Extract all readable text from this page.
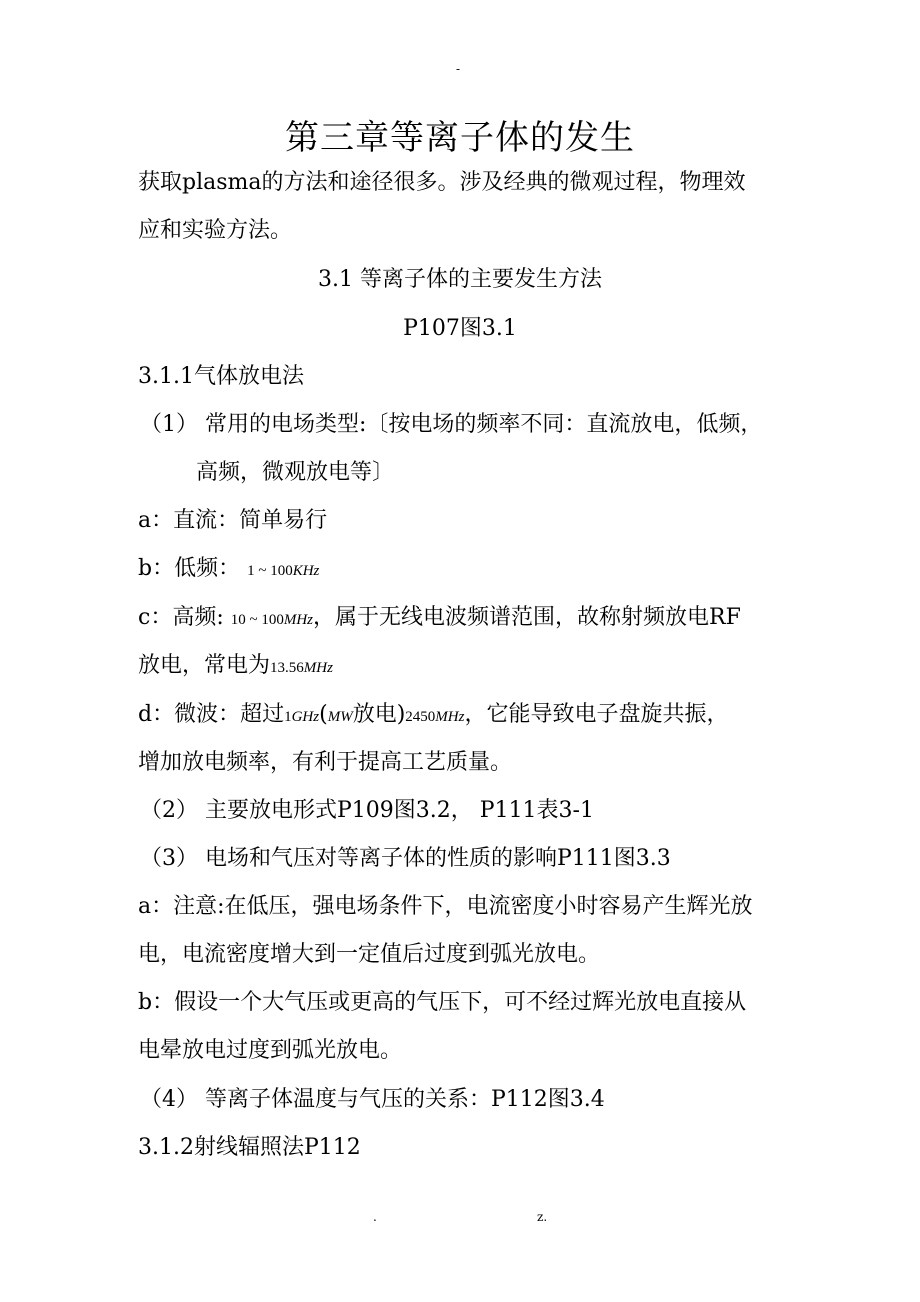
-
第三章等离子体的发生
获取plasma的方法和途径很多。涉及经典的微观过程，物理效
应和实验方法。
3.1 等离子体的主要发生方法
P107图3.1
3.1.1气体放电法
（1） 常用的电场类型:〔按电场的频率不同：直流放电，低频，
高频，微观放电等〕
a：直流：简单易行
b：低频： 1 ~ 100KHz
c：高频: 10 ~ 100MHz，属于无线电波频谱范围，故称射频放电RF
放电，常电为13.56MHz
d：微波：超过1GHz(MW放电)2450MHz，它能导致电子盘旋共振，
增加放电频率，有利于提高工艺质量。
（2） 主要放电形式P109图3.2， P111表3-1
（3） 电场和气压对等离子体的性质的影响P111图3.3
a：注意:在低压，强电场条件下，电流密度小时容易产生辉光放
电，电流密度增大到一定值后过度到弧光放电。
b：假设一个大气压或更高的气压下，可不经过辉光放电直接从
电晕放电过度到弧光放电。
（4） 等离子体温度与气压的关系：P112图3.4
3.1.2射线辐照法P112
.	z.
